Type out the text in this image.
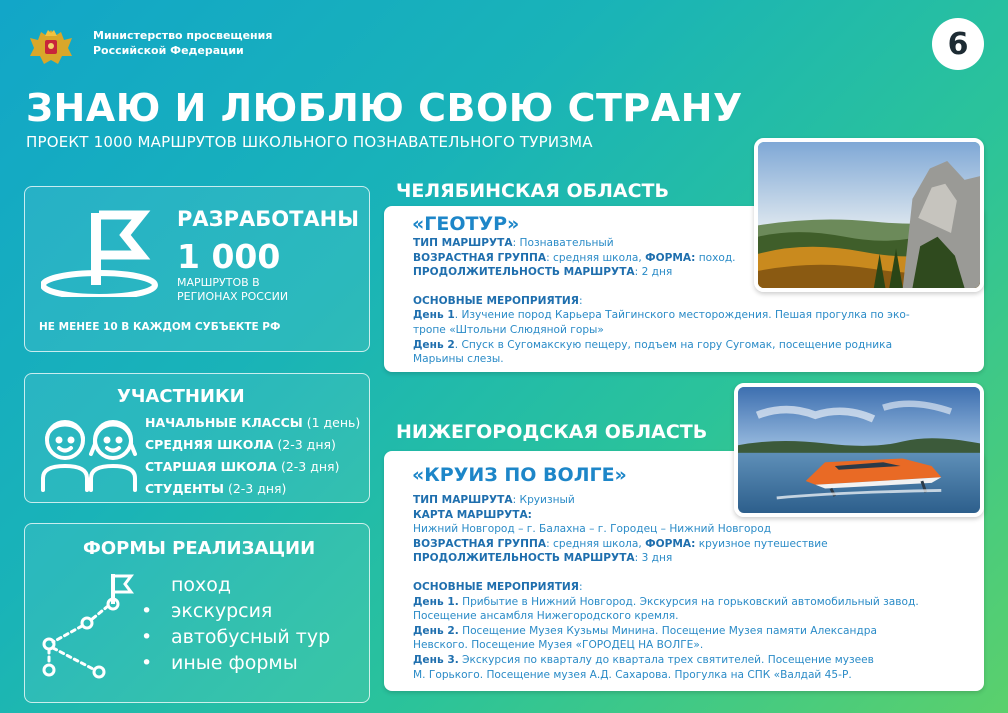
Министерство просвещения
Российской Федерации	6
ЗНАЮ И ЛЮБЛЮ СВОЮ СТРАНУ
ПРОЕКТ 1000 МАРШРУТОВ ШКОЛЬНОГО ПОЗНАВАТЕЛЬНОГО ТУРИЗМА
РАЗРАБОТАНЫ
1 000
МАРШРУТОВ В
РЕГИОНАХ РОССИИ
НЕ МЕНЕЕ 10 В КАЖДОМ СУБЪЕКТЕ РФ
УЧАСТНИКИ
НАЧАЛЬНЫЕ КЛАССЫ (1 день)
СРЕДНЯЯ ШКОЛА (2-3 дня)
СТАРШАЯ ШКОЛА (2-3 дня)
СТУДЕНТЫ (2-3 дня)
ФОРМЫ РЕАЛИЗАЦИИ
поход
• экскурсия
• автобусный тур
• иные формы
ЧЕЛЯБИНСКАЯ ОБЛАСТЬ
«ГЕОТУР»

ТИП МАРШРУТА: Познавательный

ВОЗРАСТНАЯ ГРУППА: средняя школа, ФОРМА: поход.

ПРОДОЛЖИТЕЛЬНОСТЬ МАРШРУТА: 2 дня

ОСНОВНЫЕ МЕРОПРИЯТИЯ:

День 1. Изучение пород Карьера Тайгинского месторождения. Пешая прогулка по эко-

тропе «Штольни Слюдяной горы»

День 2. Спуск в Сугомакскую пещеру, подъем на гору Сугомак, посещение родника

Марьины слезы.

НИЖЕГОРОДСКАЯ ОБЛАСТЬ
«КРУИЗ ПО ВОЛГЕ»

ТИП МАРШРУТА: Круизный

КАРТА МАРШРУТА:

Нижний Новгород – г. Балахна – г. Городец – Нижний Новгород

ВОЗРАСТНАЯ ГРУППА: средняя школа, ФОРМА: круизное путешествие

ПРОДОЛЖИТЕЛЬНОСТЬ МАРШРУТА: 3 дня

ОСНОВНЫЕ МЕРОПРИЯТИЯ:

День 1. Прибытие в Нижний Новгород. Экскурсия на горьковский автомобильный завод.

Посещение ансамбля Нижегородского кремля.

День 2. Посещение Музея Кузьмы Минина. Посещение Музея памяти Александра

Невского. Посещение Музея «ГОРОДЕЦ НА ВОЛГЕ».

День 3. Экскурсия по кварталу до квартала трех святителей. Посещение музеев

М. Горького. Посещение музея А.Д. Сахарова. Прогулка на СПК «Валдай 45-Р.
